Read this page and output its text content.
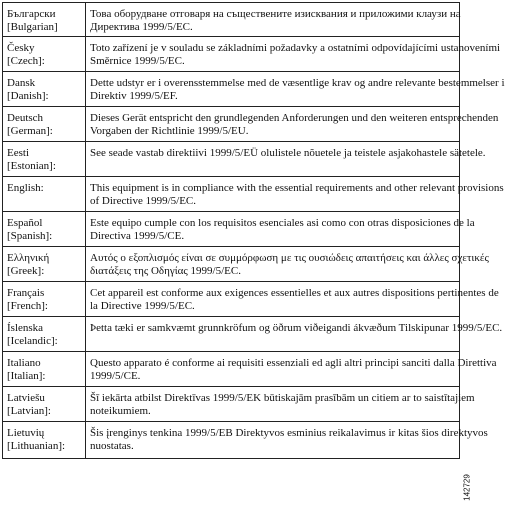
Български
[Bulgarian]	Това оборудване отговаря на съществените изисквания и приложими клаузи на
Директива 1999/5/ЕС.

Česky
[Czech]:	Toto zařízení je v souladu se základními požadavky a ostatními odpovídajícími ustanoveními
Směrnice 1999/5/EC.

Dansk
[Danish]:	Dette udstyr er i overensstemmelse med de væsentlige krav og andre relevante bestemmelser i
Direktiv 1999/5/EF.

Deutsch
[German]:	Dieses Gerät entspricht den grundlegenden Anforderungen und den weiteren entsprechenden
Vorgaben der Richtlinie 1999/5/EU.

Eesti
[Estonian]:	See seade vastab direktiivi 1999/5/EÜ olulistele nõuetele ja teistele asjakohastele sätetele.

English:	This equipment is in compliance with the essential requirements and other relevant provisions
of Directive 1999/5/EC.

Español
[Spanish]:	Este equipo cumple con los requisitos esenciales asi como con otras disposiciones de la
Directiva 1999/5/CE.

Ελληνική
[Greek]:	Αυτός ο εξοπλισμός είναι σε συμμόρφωση με τις ουσιώδεις απαιτήσεις και άλλες σχετικές
διατάξεις της Οδηγίας 1999/5/EC.

Français
[French]:	Cet appareil est conforme aux exigences essentielles et aux autres dispositions pertinentes de
la Directive 1999/5/EC.

Íslenska
[Icelandic]:	Þetta tæki er samkvæmt grunnkröfum og öðrum viðeigandi ákvæðum Tilskipunar 1999/5/EC.

Italiano
[Italian]:	Questo apparato é conforme ai requisiti essenziali ed agli altri principi sanciti dalla Direttiva
1999/5/CE.

Latviešu
[Latvian]:	Šī iekārta atbilst Direktīvas 1999/5/EK būtiskajām prasībām un citiem ar to saistītajiem
noteikumiem.

Lietuvių
[Lithuanian]:	Šis įrenginys tenkina 1999/5/EB Direktyvos esminius reikalavimus ir kitas šios direktyvos
nuostatas.
142729
